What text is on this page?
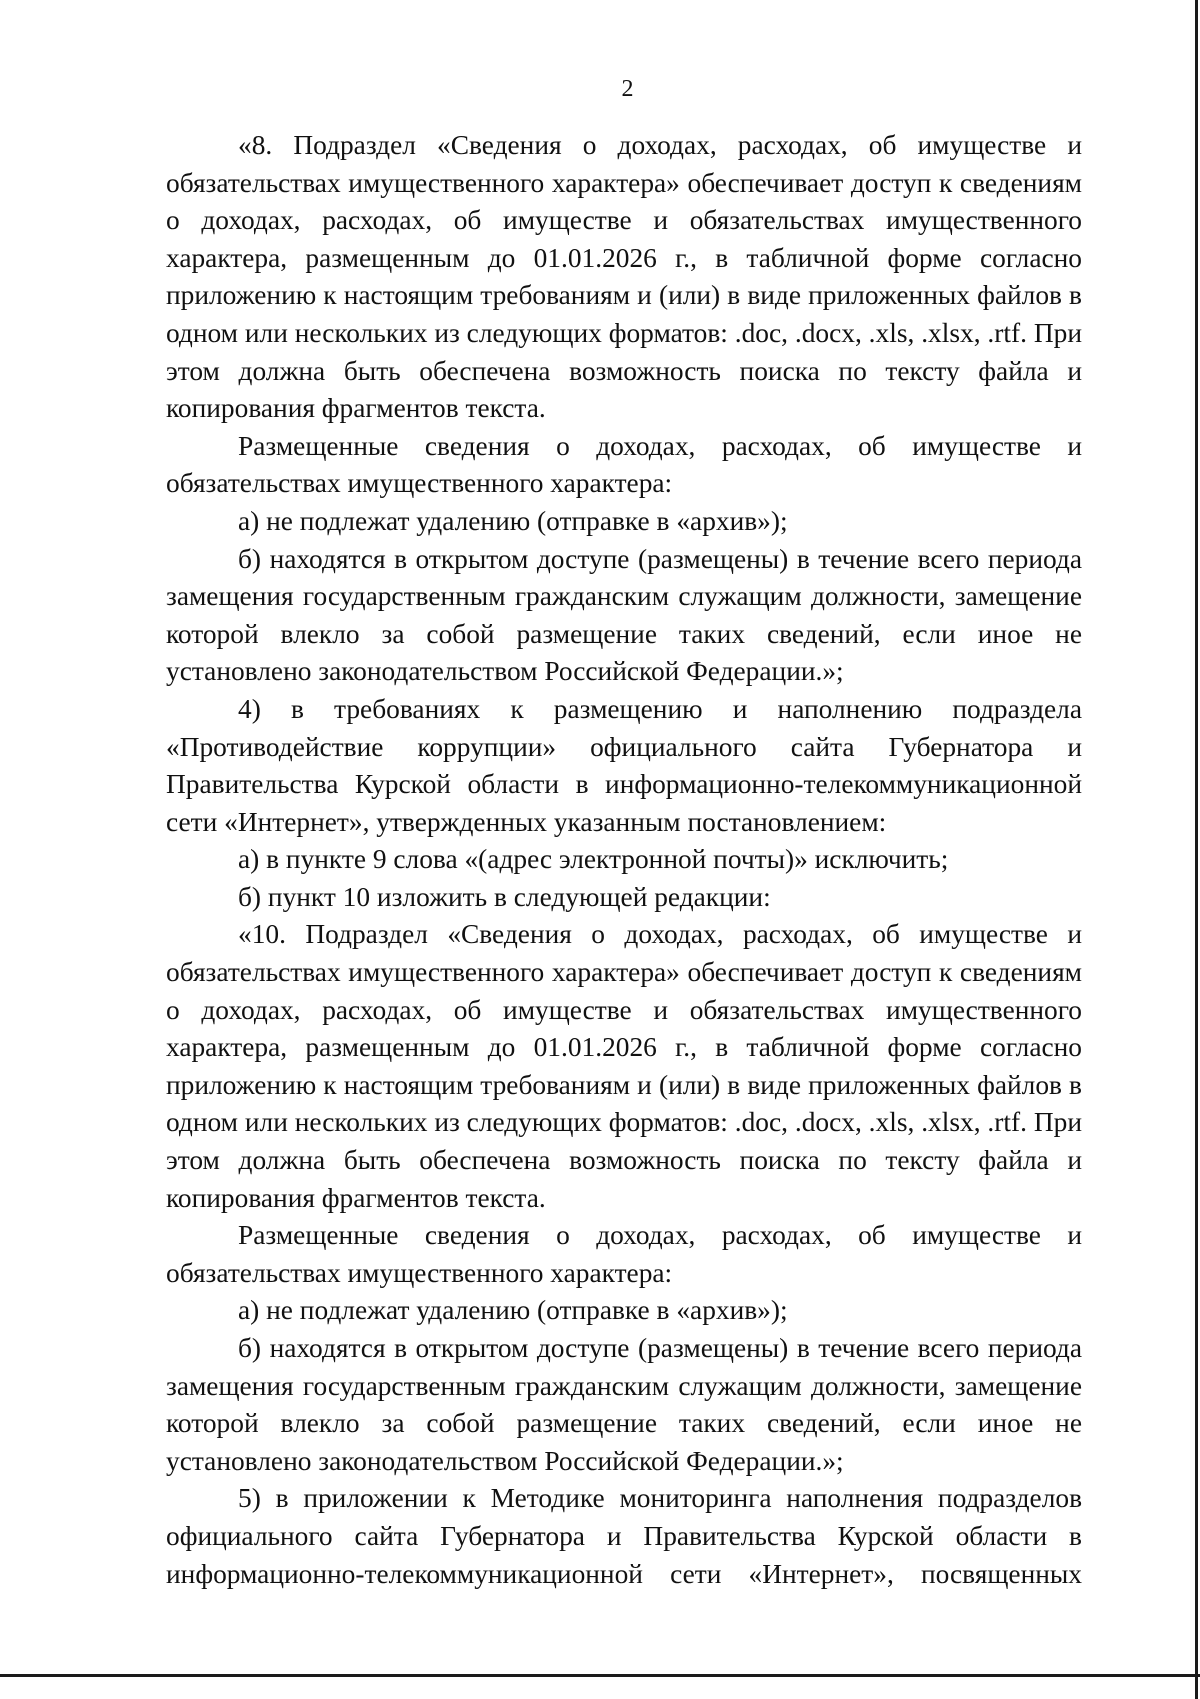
2

«8. Подраздел «Сведения о доходах, расходах, об имуществе и обязательствах имущественного характера» обеспечивает доступ к сведениям о доходах, расходах, об имуществе и обязательствах имущественного характера, размещенным до 01.01.2026 г., в табличной форме согласно приложению к настоящим требованиям и (или) в виде приложенных файлов в одном или нескольких из следующих форматов: .doc, .docx, .xls, .xlsx, .rtf. При этом должна быть обеспечена возможность поиска по тексту файла и копирования фрагментов текста.

Размещенные сведения о доходах, расходах, об имуществе и обязательствах имущественного характера:

а) не подлежат удалению (отправке в «архив»);

б) находятся в открытом доступе (размещены) в течение всего периода замещения государственным гражданским служащим должности, замещение которой влекло за собой размещение таких сведений, если иное не установлено законодательством Российской Федерации.»;

4) в требованиях к размещению и наполнению подраздела «Противодействие коррупции» официального сайта Губернатора и Правительства Курской области в информационно-телекоммуникационной сети «Интернет», утвержденных указанным постановлением:

а) в пункте 9 слова «(адрес электронной почты)» исключить;

б) пункт 10 изложить в следующей редакции:

«10. Подраздел «Сведения о доходах, расходах, об имуществе и обязательствах имущественного характера» обеспечивает доступ к сведениям о доходах, расходах, об имуществе и обязательствах имущественного характера, размещенным до 01.01.2026 г., в табличной форме согласно приложению к настоящим требованиям и (или) в виде приложенных файлов в одном или нескольких из следующих форматов: .doc, .docx, .xls, .xlsx, .rtf. При этом должна быть обеспечена возможность поиска по тексту файла и копирования фрагментов текста.

Размещенные сведения о доходах, расходах, об имуществе и обязательствах имущественного характера:

а) не подлежат удалению (отправке в «архив»);

б) находятся в открытом доступе (размещены) в течение всего периода замещения государственным гражданским служащим должности, замещение которой влекло за собой размещение таких сведений, если иное не установлено законодательством Российской Федерации.»;

5) в приложении к Методике мониторинга наполнения подразделов официального сайта Губернатора и Правительства Курской области в информационно-телекоммуникационной сети «Интернет», посвященных
